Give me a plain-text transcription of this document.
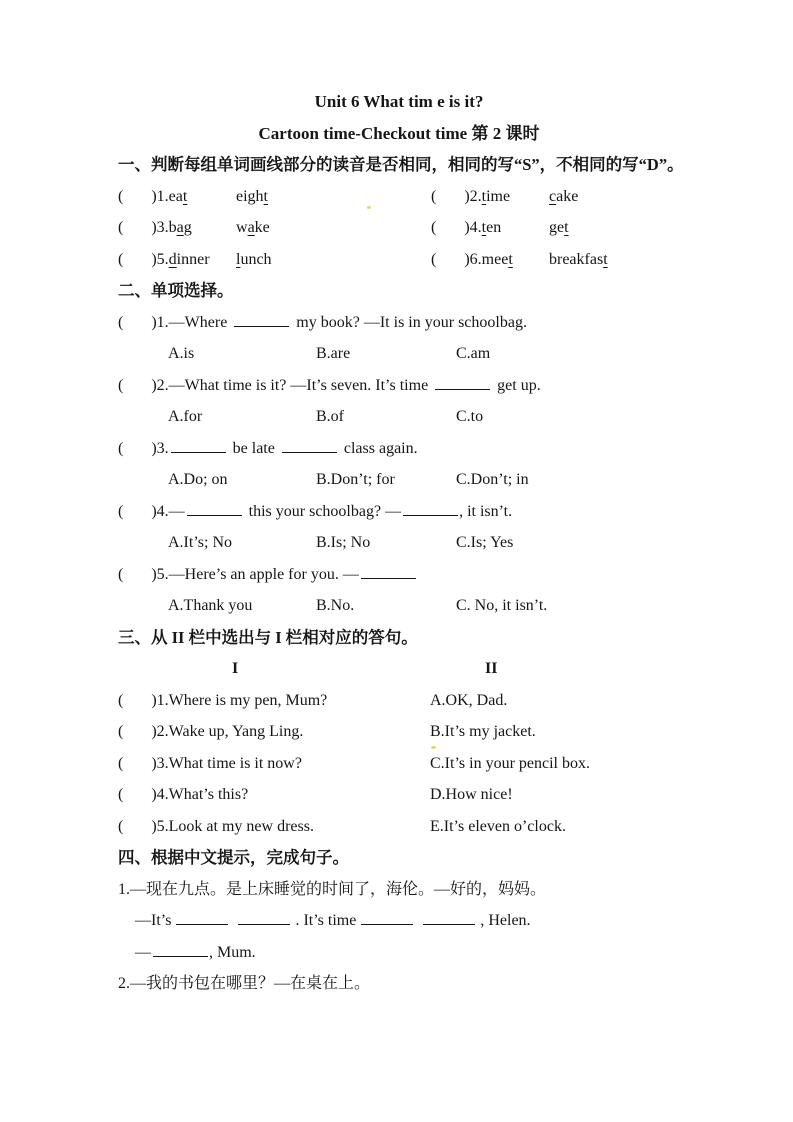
Unit 6 What tim e is it?
Cartoon time-Checkout time 第 2 课时
一、判断每组单词画线部分的读音是否相同，相同的写“S”，不相同的写“D”。
(       )1.eat	eight	(       )2.time cake
(       )3.bag	wake	(       )4.ten	get
(       )5.dinner lunch	(       )6.meet breakfast
二、单项选择。
(       )1.—Where	my book? —It is in your schoolbag.
A.is	B.are	C.am
(       )2.—What time is it? —It’s seven. It’s time	get up.
A.for	B.of	C.to
(       )3.	be late	class again.
A.Do; on	B.Don’t; for	C.Don’t; in
(       )4.—	this your schoolbag? —	, it isn’t.
A.It’s; No	B.Is; No	C.Is; Yes
(       )5.—Here’s an apple for you. —
A.Thank you	B.No.	C. No, it isn’t.
三、从 II 栏中选出与 I 栏相对应的答句。
I	II
(       )1.Where is my pen, Mum?	A.OK, Dad.
(       )2.Wake up, Yang Ling.	B.It’s my jacket.
(       )3.What time is it now?	C.It’s in your pencil box.
(       )4.What’s this?	D.How nice!
(       )5.Look at my new dress.	E.It’s eleven o’clock.
四、根据中文提示，完成句子。
1.—现在九点。是上床睡觉的时间了，海伦。—好的，妈妈。
—It’s	. It’s time	, Helen.
—	, Mum.
2.—我的书包在哪里？—在桌在上。
